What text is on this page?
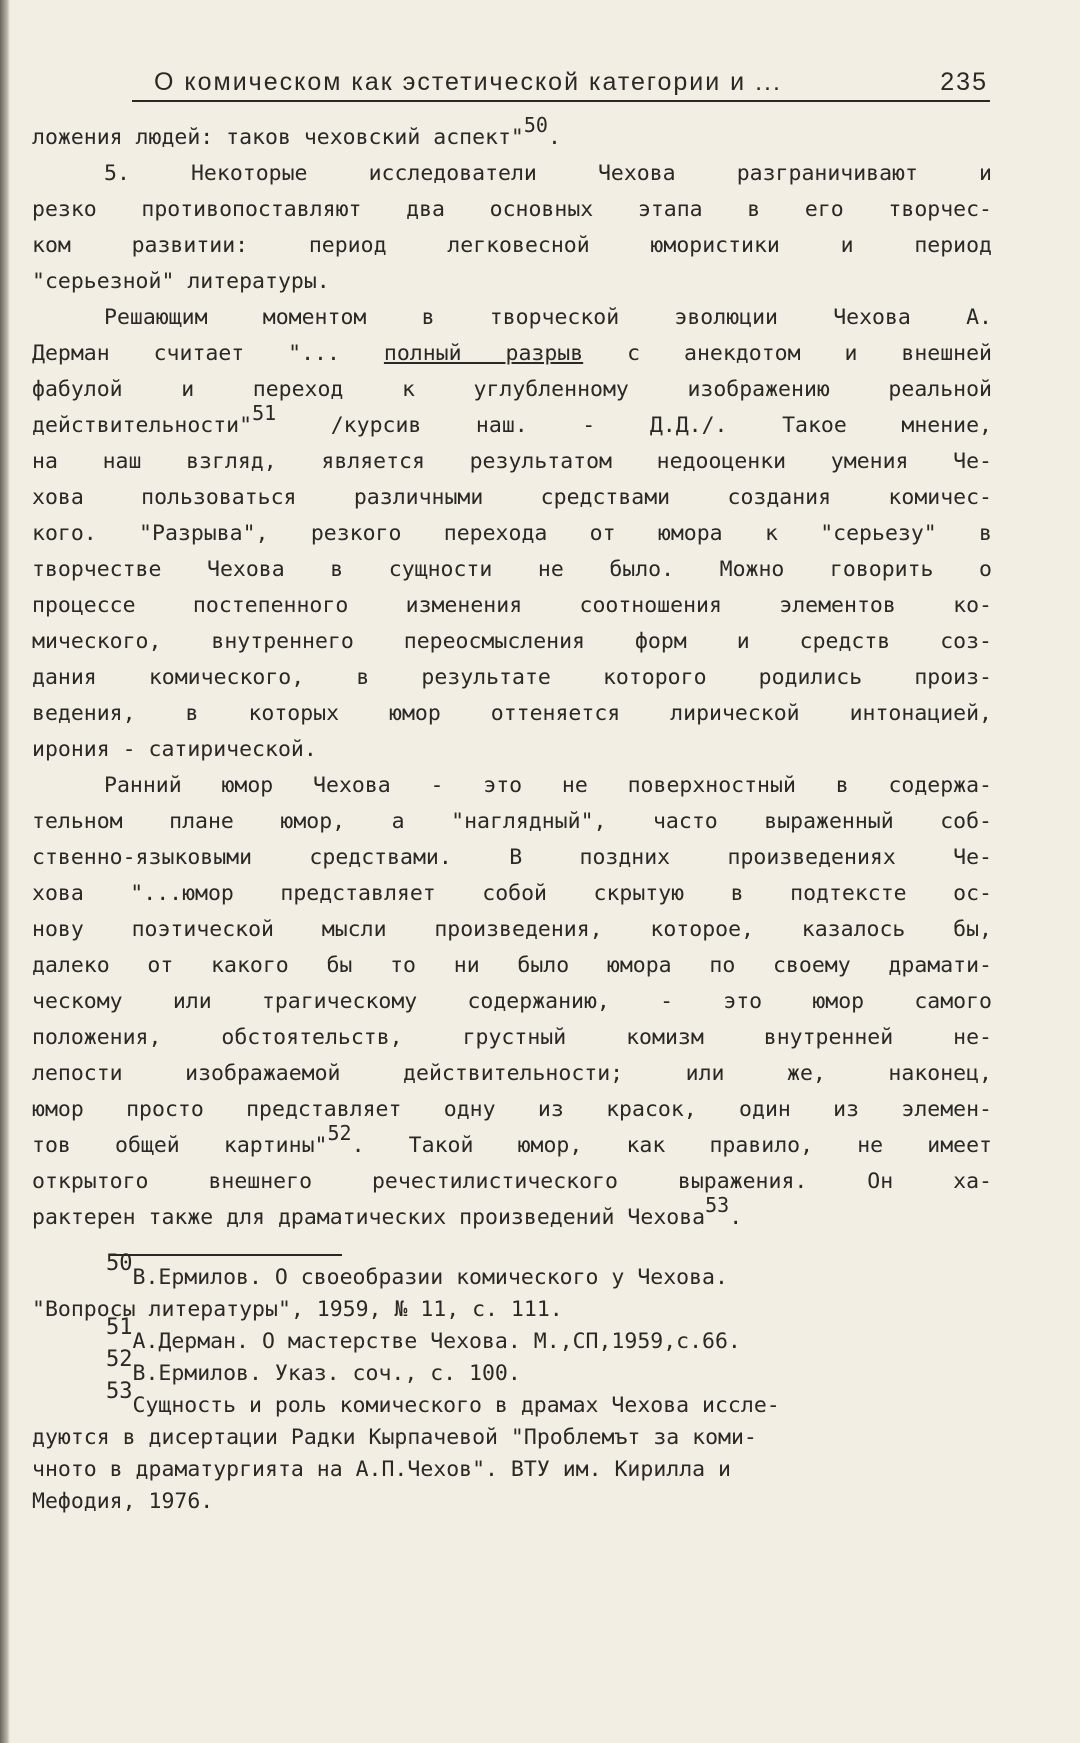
О комическом как эстетической категории и ...	235
ложения людей: таков чеховский аспект"$^{50}$.
5. Некоторые исследователи Чехова разграничивают и
резко противопоставляют два основных этапа в его творчес-
ком развитии: период легковесной юмористики и период
"серьезной" литературы.
Решающим моментом в творческой эволюции Чехова А.
Дерман считает "... полный разрыв с анекдотом и внешней
фабулой и переход к углубленному изображению реальной
действительности"$^{51}$ /курсив наш. - Д.Д./. Такое мнение,
на наш взгляд, является результатом недооценки умения Че-
хова пользоваться различными средствами создания комичес-
кого. "Разрыва", резкого перехода от юмора к "серьезу" в
творчестве Чехова в сущности не было. Можно говорить о
процессе постепенного изменения соотношения элементов ко-
мического, внутреннего переосмысления форм и средств соз-
дания комического, в результате которого родились произ-
ведения, в которых юмор оттеняется лирической интонацией,
ирония - сатирической.
Ранний юмор Чехова - это не поверхностный в содержа-
тельном плане юмор, а "наглядный", часто выраженный соб-
ственно-языковыми средствами. В поздних произведениях Че-
хова "...юмор представляет собой скрытую в подтексте ос-
нову поэтической мысли произведения, которое, казалось бы,
далеко от какого бы то ни было юмора по своему драмати-
ческому или трагическому содержанию, - это юмор самого
положения, обстоятельств, грустный комизм внутренней не-
лепости изображаемой действительности; или же, наконец,
юмор просто представляет одну из красок, один из элемен-
тов общей картины"$^{52}$. Такой юмор, как правило, не имеет
открытого внешнего речестилистического выражения. Он ха-
рактерен также для драматических произведений Чехова$^{53}$.
$^{50}$В.Ермилов. О своеобразии комического у Чехова.
"Вопросы литературы", 1959, № 11, с. 111.
$^{51}$А.Дерман. О мастерстве Чехова. М.,СП,1959,с.66.
$^{52}$В.Ермилов. Указ. соч., с. 100.
$^{53}$Сущность и роль комического в драмах Чехова иссле-
дуются в дисертации Радки Кырпачевой "Проблемът за коми-
чното в драматургията на А.П.Чехов". ВТУ им. Кирилла и
Мефодия, 1976.
